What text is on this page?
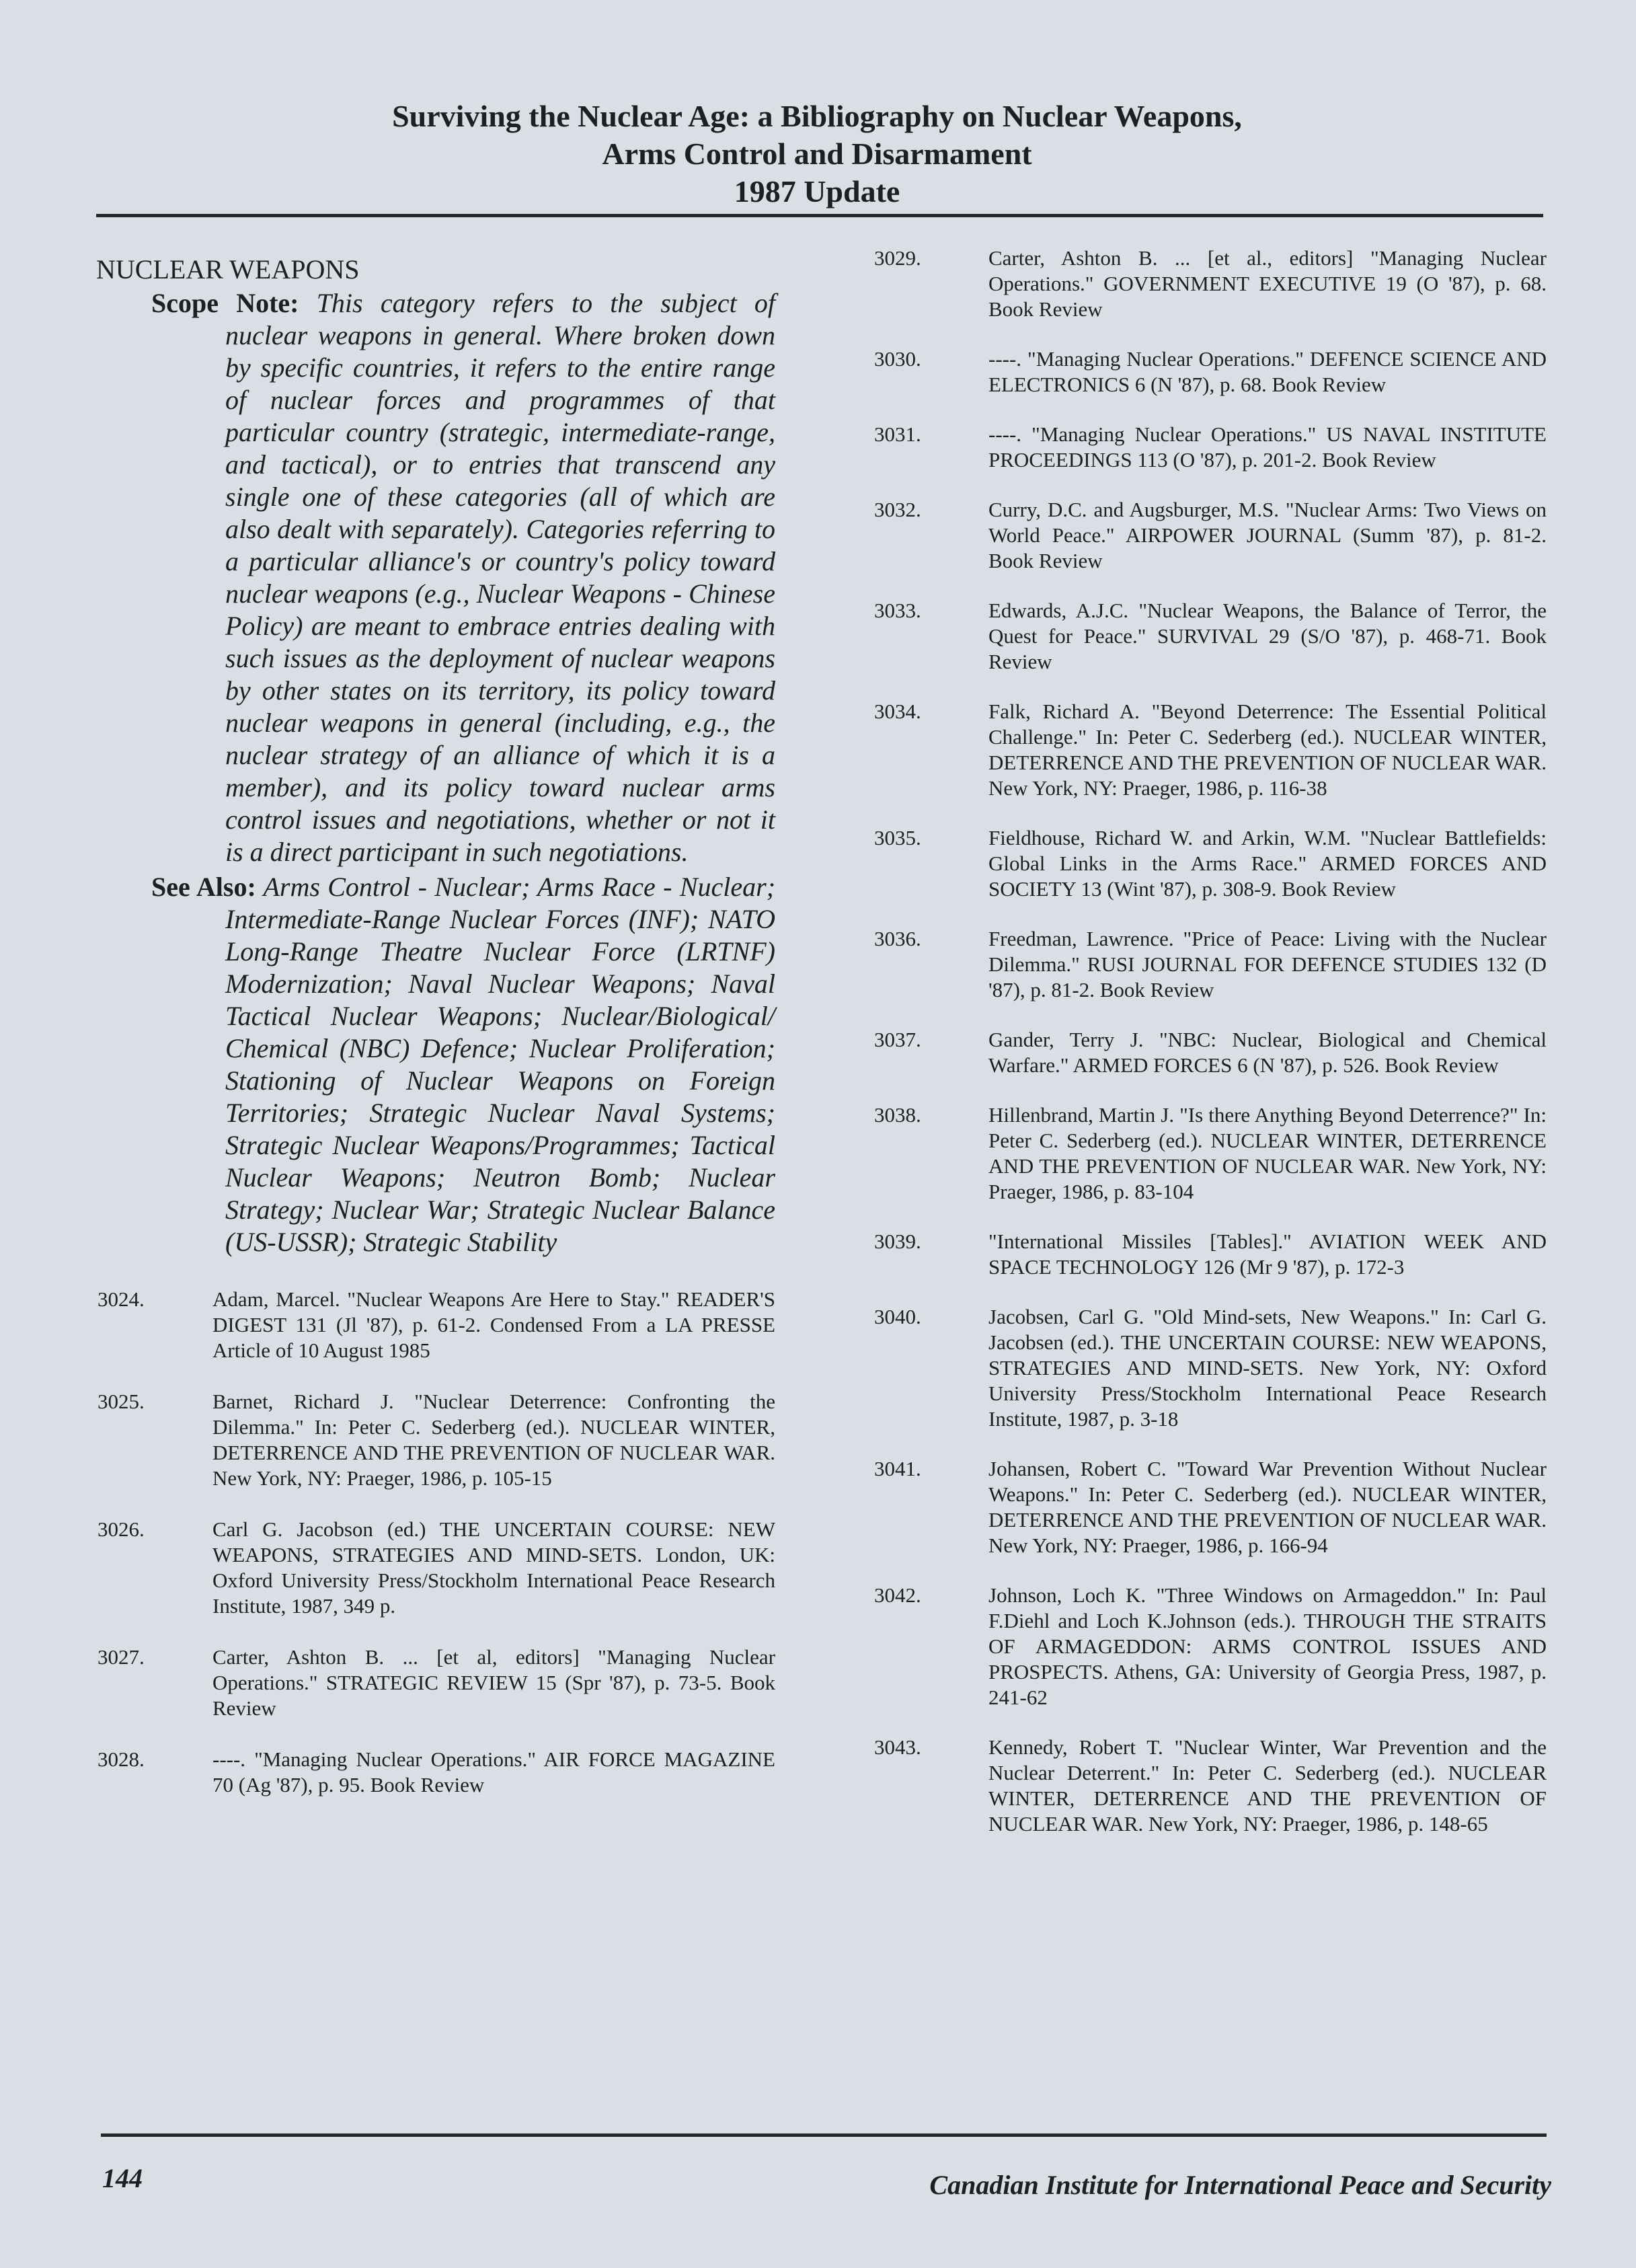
Surviving the Nuclear Age: a Bibliography on Nuclear Weapons,
Arms Control and Disarmament
1987 Update
NUCLEAR WEAPONS
Scope Note: This category refers to the subject of nuclear weapons in general. Where broken down by specific countries, it refers to the entire range of nuclear forces and programmes of that particular country (strategic, intermediate-range, and tactical), or to entries that transcend any single one of these categories (all of which are also dealt with separately). Categories referring to a particular alliance's or country's policy toward nuclear weapons (e.g., Nuclear Weapons - Chinese Policy) are meant to embrace entries dealing with such issues as the deployment of nuclear weapons by other states on its territory, its policy toward nuclear weapons in general (including, e.g., the nuclear strategy of an alliance of which it is a member), and its policy toward nuclear arms control issues and negotiations, whether or not it is a direct participant in such negotiations.
See Also: Arms Control - Nuclear; Arms Race - Nuclear; Intermediate-Range Nuclear Forces (INF); NATO Long-Range Theatre Nuclear Force (LRTNF) Modernization; Naval Nuclear Weapons; Naval Tactical Nuclear Weapons; Nuclear/Biological/ Chemical (NBC) Defence; Nuclear Proliferation; Stationing of Nuclear Weapons on Foreign Territories; Strategic Nuclear Naval Systems; Strategic Nuclear Weapons/Programmes; Tactical Nuclear Weapons; Neutron Bomb; Nuclear Strategy; Nuclear War; Strategic Nuclear Balance (US-USSR); Strategic Stability
3024.	Adam, Marcel. "Nuclear Weapons Are Here to Stay." READER'S DIGEST 131 (Jl '87), p. 61-2. Condensed From a LA PRESSE Article of 10 August 1985
3025.	Barnet, Richard J. "Nuclear Deterrence: Confronting the Dilemma." In: Peter C. Sederberg (ed.). NUCLEAR WINTER, DETERRENCE AND THE PREVENTION OF NUCLEAR WAR. New York, NY: Praeger, 1986, p. 105-15
3026.	Carl G. Jacobson (ed.) THE UNCERTAIN COURSE: NEW WEAPONS, STRATEGIES AND MIND-SETS. London, UK: Oxford University Press/Stockholm International Peace Research Institute, 1987, 349 p.
3027.	Carter, Ashton B. ... [et al, editors] "Managing Nuclear Operations." STRATEGIC REVIEW 15 (Spr '87), p. 73-5. Book Review
3028.	----. "Managing Nuclear Operations." AIR FORCE MAGAZINE 70 (Ag '87), p. 95. Book Review
3029.	Carter, Ashton B. ... [et al., editors] "Managing Nuclear Operations." GOVERNMENT EXECUTIVE 19 (O '87), p. 68. Book Review
3030.	----. "Managing Nuclear Operations." DEFENCE SCIENCE AND ELECTRONICS 6 (N '87), p. 68. Book Review
3031.	----. "Managing Nuclear Operations." US NAVAL INSTITUTE PROCEEDINGS 113 (O '87), p. 201-2. Book Review
3032.	Curry, D.C. and Augsburger, M.S. "Nuclear Arms: Two Views on World Peace." AIRPOWER JOURNAL (Summ '87), p. 81-2. Book Review
3033.	Edwards, A.J.C. "Nuclear Weapons, the Balance of Terror, the Quest for Peace." SURVIVAL 29 (S/O '87), p. 468-71. Book Review
3034.	Falk, Richard A. "Beyond Deterrence: The Essential Political Challenge." In: Peter C. Sederberg (ed.). NUCLEAR WINTER, DETERRENCE AND THE PREVENTION OF NUCLEAR WAR. New York, NY: Praeger, 1986, p. 116-38
3035.	Fieldhouse, Richard W. and Arkin, W.M. "Nuclear Battlefields: Global Links in the Arms Race." ARMED FORCES AND SOCIETY 13 (Wint '87), p. 308-9. Book Review
3036.	Freedman, Lawrence. "Price of Peace: Living with the Nuclear Dilemma." RUSI JOURNAL FOR DEFENCE STUDIES 132 (D '87), p. 81-2. Book Review
3037.	Gander, Terry J. "NBC: Nuclear, Biological and Chemical Warfare." ARMED FORCES 6 (N '87), p. 526. Book Review
3038.	Hillenbrand, Martin J. "Is there Anything Beyond Deterrence?" In: Peter C. Sederberg (ed.). NUCLEAR WINTER, DETERRENCE AND THE PREVENTION OF NUCLEAR WAR. New York, NY: Praeger, 1986, p. 83-104
3039.	"International Missiles [Tables]." AVIATION WEEK AND SPACE TECHNOLOGY 126 (Mr 9 '87), p. 172-3
3040.	Jacobsen, Carl G. "Old Mind-sets, New Weapons." In: Carl G. Jacobsen (ed.). THE UNCERTAIN COURSE: NEW WEAPONS, STRATEGIES AND MIND-SETS. New York, NY: Oxford University Press/Stockholm International Peace Research Institute, 1987, p. 3-18
3041.	Johansen, Robert C. "Toward War Prevention Without Nuclear Weapons." In: Peter C. Sederberg (ed.). NUCLEAR WINTER, DETERRENCE AND THE PREVENTION OF NUCLEAR WAR. New York, NY: Praeger, 1986, p. 166-94
3042.	Johnson, Loch K. "Three Windows on Armageddon." In: Paul F.Diehl and Loch K.Johnson (eds.). THROUGH THE STRAITS OF ARMAGEDDON: ARMS CONTROL ISSUES AND PROSPECTS. Athens, GA: University of Georgia Press, 1987, p. 241-62
3043.	Kennedy, Robert T. "Nuclear Winter, War Prevention and the Nuclear Deterrent." In: Peter C. Sederberg (ed.). NUCLEAR WINTER, DETERRENCE AND THE PREVENTION OF NUCLEAR WAR. New York, NY: Praeger, 1986, p. 148-65
144	Canadian Institute for International Peace and Security
